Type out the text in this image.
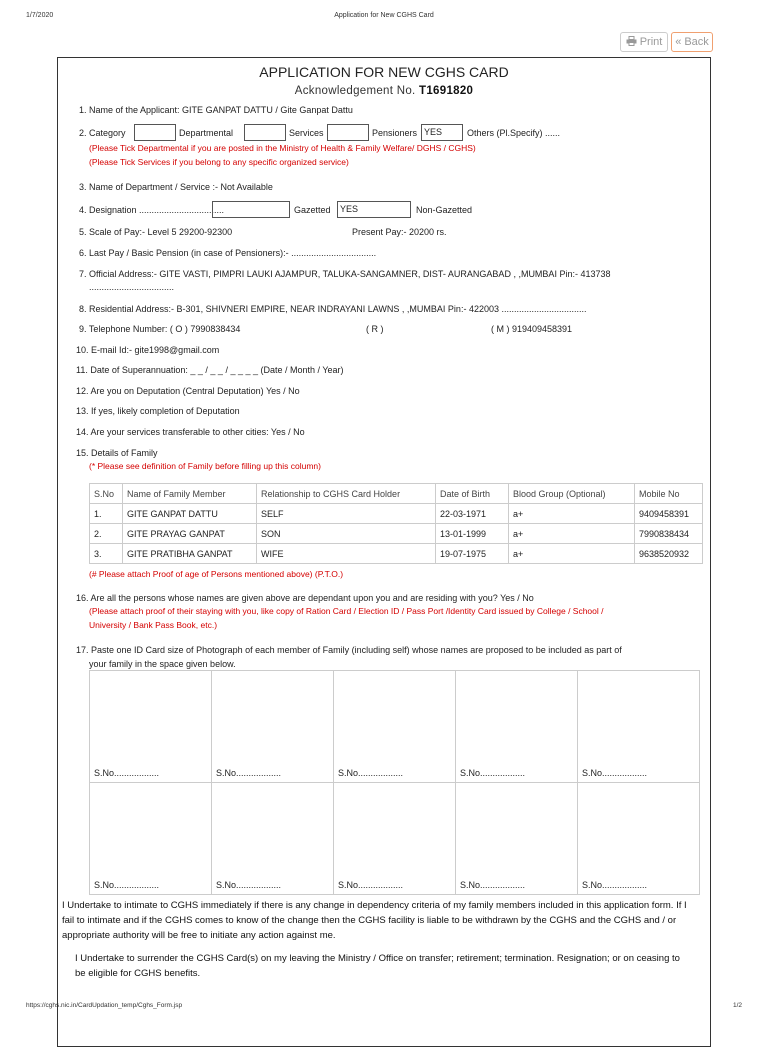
1/7/2020	Application for New CGHS Card
Print « Back
APPLICATION FOR NEW CGHS CARD
Acknowledgement No. T1691820
1. Name of the Applicant: GITE GANPAT DATTU / Gite Ganpat Dattu
2. Category	Departmental	Services	Pensioners YES	Others (Pl.Specify) ......
(Please Tick Departmental if you are posted in the Ministry of Health & Family Welfare/ DGHS / CGHS)
(Please Tick Services if you belong to any specific organized service)
3. Name of Department / Service :- Not Available
4. Designation ..................................	Gazetted	YES	Non-Gazetted
5. Scale of Pay:- Level 5 29200-92300	Present Pay:- 20200 rs.
6. Last Pay / Basic Pension (in case of Pensioners):- ..................................
7. Official Address:- GITE VASTI, PIMPRI LAUKI AJAMPUR, TALUKA-SANGAMNER, DIST- AURANGABAD , ,MUMBAI Pin:- 413738
..................................
8. Residential Address:- B-301, SHIVNERI EMPIRE, NEAR INDRAYANI LAWNS , ,MUMBAI Pin:- 422003 ..................................
9. Telephone Number: ( O ) 7990838434	( R )	( M ) 919409458391
10. E-mail Id:- gite1998@gmail.com
11. Date of Superannuation: _ _ / _ _ / _ _ _ _ (Date / Month / Year)
12. Are you on Deputation (Central Deputation) Yes / No
13. If yes, likely completion of Deputation
14. Are your services transferable to other cities: Yes / No
15. Details of Family
(* Please see definition of Family before filling up this column)
S.No	Name of Family Member	Relationship to CGHS Card Holder	Date of Birth	Blood Group (Optional)	Mobile No
1.	GITE GANPAT DATTU	SELF	22-03-1971	a+	9409458391
2.	GITE PRAYAG GANPAT	SON	13-01-1999	a+	7990838434
3.	GITE PRATIBHA GANPAT	WIFE	19-07-1975	a+	9638520932
(# Please attach Proof of age of Persons mentioned above) (P.T.O.)
16. Are all the persons whose names are given above are dependant upon you and are residing with you? Yes / No
(Please attach proof of their staying with you, like copy of Ration Card / Election ID / Pass Port /Identity Card issued by College / School /
University / Bank Pass Book, etc.)
17. Paste one ID Card size of Photograph of each member of Family (including self) whose names are proposed to be included as part of
your family in the space given below.
S.No..................	S.No..................	S.No..................	S.No..................	S.No..................
S.No..................	S.No..................	S.No..................	S.No..................	S.No..................
I Undertake to intimate to CGHS immediately if there is any change in dependency criteria of my family members included in this application form. If I fail to intimate and if the CGHS comes to know of the change then the CGHS facility is liable to be withdrawn by the CGHS and the CGHS and / or appropriate authority will be free to initiate any action against me.
I Undertake to surrender the CGHS Card(s) on my leaving the Ministry / Office on transfer; retirement; termination. Resignation; or on ceasing to be eligible for CGHS benefits.
https://cghs.nic.in/CardUpdation_temp/Cghs_Form.jsp	1/2
